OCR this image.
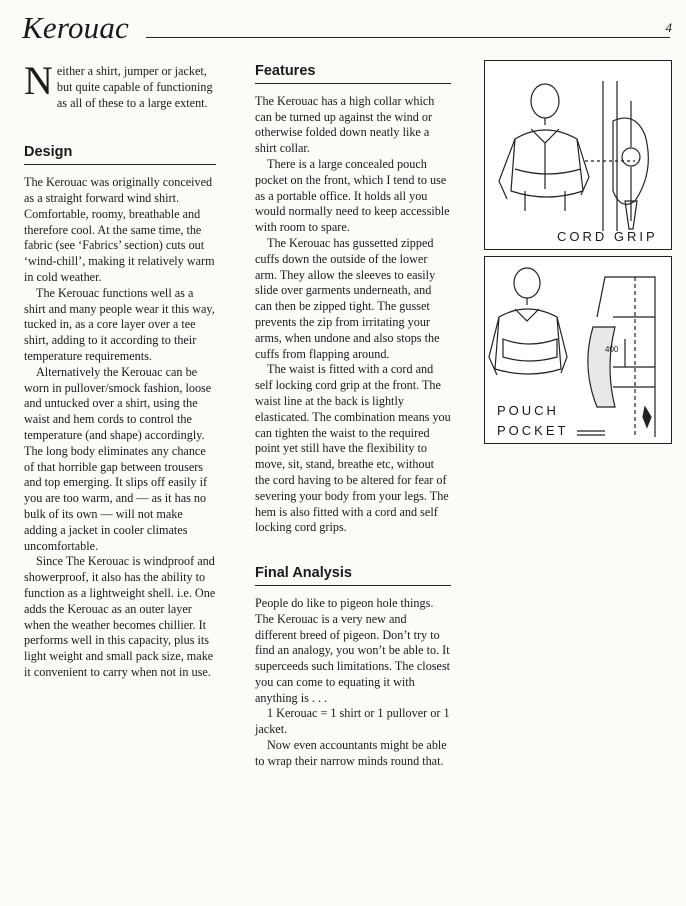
Kerouac	4

Neither a shirt, jumper or jacket, but quite capable of functioning as all of these to a large extent.

Design

The Kerouac was originally conceived as a straight forward wind shirt. Comfortable, roomy, breathable and therefore cool. At the same time, the fabric (see ‘Fabrics’ section) cuts out ‘wind-chill’, making it relatively warm in cold weather.

The Kerouac functions well as a shirt and many people wear it this way, tucked in, as a core layer over a tee shirt, adding to it according to their temperature requirements.

Alternatively the Kerouac can be worn in pullover/smock fashion, loose and untucked over a shirt, using the waist and hem cords to control the temperature (and shape) accordingly. The long body eliminates any chance of that horrible gap between trousers and top emerging. It slips off easily if you are too warm, and — as it has no bulk of its own — will not make adding a jacket in cooler climates uncomfortable.

Since The Kerouac is windproof and showerproof, it also has the ability to function as a lightweight shell. i.e. One adds the Kerouac as an outer layer when the weather becomes chillier. It performs well in this capacity, plus its light weight and small pack size, make it convenient to carry when not in use.

Features

The Kerouac has a high collar which can be turned up against the wind or otherwise folded down neatly like a shirt collar.

There is a large concealed pouch pocket on the front, which I tend to use as a portable office. It holds all you would normally need to keep accessible with room to spare.

The Kerouac has gussetted zipped cuffs down the outside of the lower arm. They allow the sleeves to easily slide over garments underneath, and can then be zipped tight. The gusset prevents the zip from irritating your arms, when undone and also stops the cuffs from flapping around.

The waist is fitted with a cord and self locking cord grip at the front. The waist line at the back is lightly elasticated. The combination means you can tighten the waist to the required point yet still have the flexibility to move, sit, stand, breathe etc, without the cord having to be altered for fear of severing your body from your legs. The hem is also fitted with a cord and self locking cord grips.

Final Analysis

People do like to pigeon hole things. The Kerouac is a very new and different breed of pigeon. Don’t try to find an analogy, you won’t be able to. It superceeds such limitations. The closest you can come to equating it with anything is . . .

1 Kerouac = 1 shirt or 1 pullover or 1 jacket.

Now even accountants might be able to wrap their narrow minds round that.

CORD GRIP
400
POUCH
POCKET
